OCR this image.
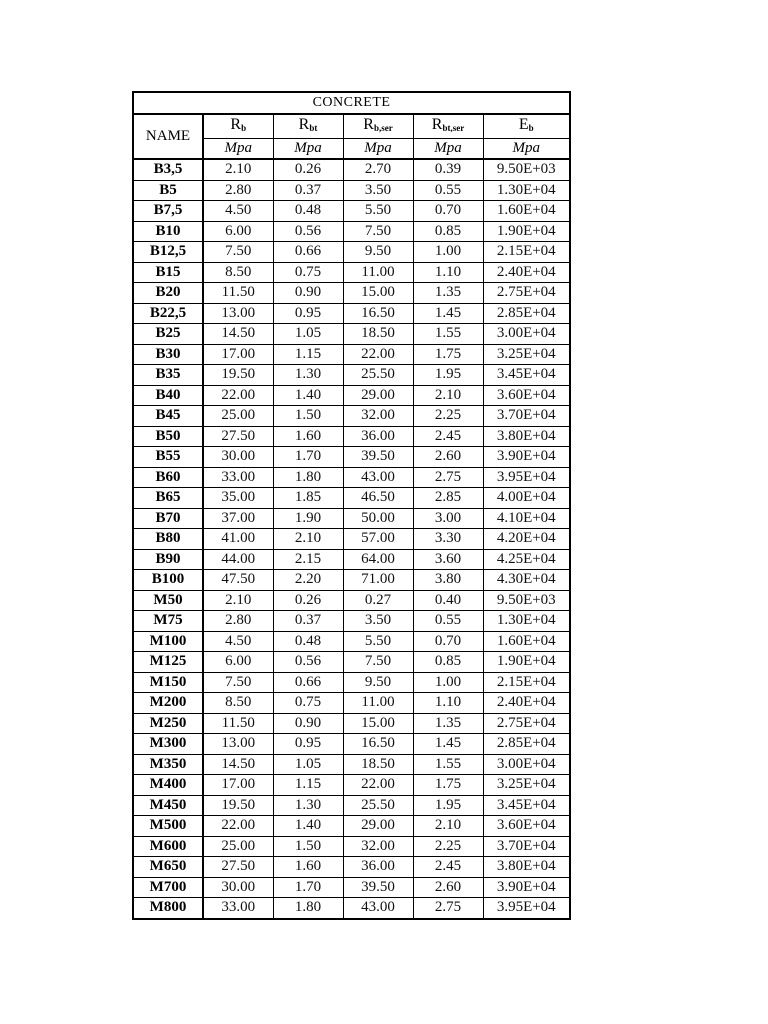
CONCRETE					
NAME	$R_b$	$R_{bt}$	$R_{b,ser}$	$R_{bt,ser}$	$E_b$
	Mpa	Mpa	Mpa	Mpa	Mpa
B3,5	2.10	0.26	2.70	0.39	9.50E+03
B5	2.80	0.37	3.50	0.55	1.30E+04
B7,5	4.50	0.48	5.50	0.70	1.60E+04
B10	6.00	0.56	7.50	0.85	1.90E+04
B12,5	7.50	0.66	9.50	1.00	2.15E+04
B15	8.50	0.75	11.00	1.10	2.40E+04
B20	11.50	0.90	15.00	1.35	2.75E+04
B22,5	13.00	0.95	16.50	1.45	2.85E+04
B25	14.50	1.05	18.50	1.55	3.00E+04
B30	17.00	1.15	22.00	1.75	3.25E+04
B35	19.50	1.30	25.50	1.95	3.45E+04
B40	22.00	1.40	29.00	2.10	3.60E+04
B45	25.00	1.50	32.00	2.25	3.70E+04
B50	27.50	1.60	36.00	2.45	3.80E+04
B55	30.00	1.70	39.50	2.60	3.90E+04
B60	33.00	1.80	43.00	2.75	3.95E+04
B65	35.00	1.85	46.50	2.85	4.00E+04
B70	37.00	1.90	50.00	3.00	4.10E+04
B80	41.00	2.10	57.00	3.30	4.20E+04
B90	44.00	2.15	64.00	3.60	4.25E+04
B100	47.50	2.20	71.00	3.80	4.30E+04
M50	2.10	0.26	0.27	0.40	9.50E+03
M75	2.80	0.37	3.50	0.55	1.30E+04
M100	4.50	0.48	5.50	0.70	1.60E+04
M125	6.00	0.56	7.50	0.85	1.90E+04
M150	7.50	0.66	9.50	1.00	2.15E+04
M200	8.50	0.75	11.00	1.10	2.40E+04
M250	11.50	0.90	15.00	1.35	2.75E+04
M300	13.00	0.95	16.50	1.45	2.85E+04
M350	14.50	1.05	18.50	1.55	3.00E+04
M400	17.00	1.15	22.00	1.75	3.25E+04
M450	19.50	1.30	25.50	1.95	3.45E+04
M500	22.00	1.40	29.00	2.10	3.60E+04
M600	25.00	1.50	32.00	2.25	3.70E+04
M650	27.50	1.60	36.00	2.45	3.80E+04
M700	30.00	1.70	39.50	2.60	3.90E+04
M800	33.00	1.80	43.00	2.75	3.95E+04
